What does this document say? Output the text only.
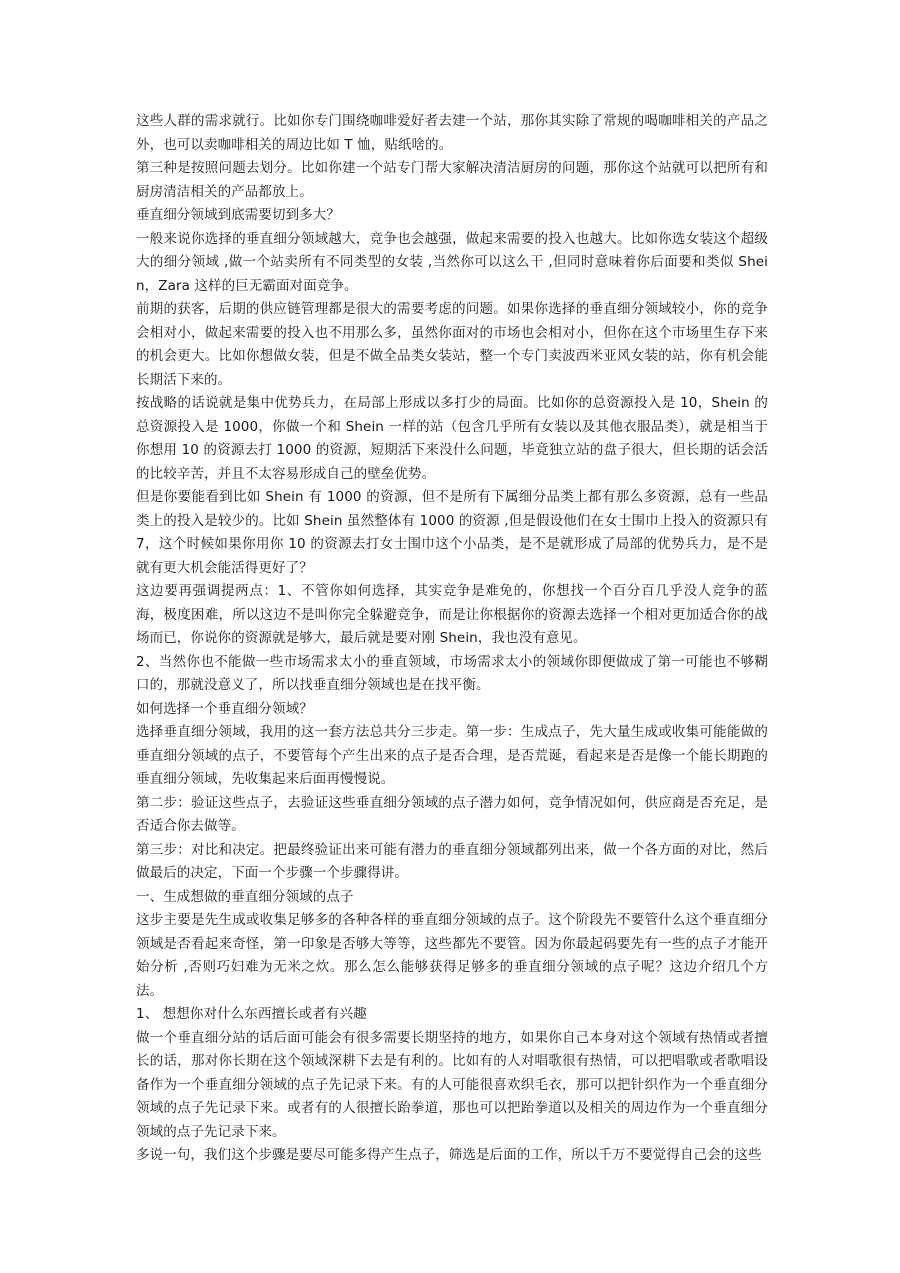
这些人群的需求就行。比如你专门围绕咖啡爱好者去建一个站，那你其实除了常规的喝咖啡相关的产品之外，也可以卖咖啡相关的周边比如 T 恤，贴纸啥的。

第三种是按照问题去划分。比如你建一个站专门帮大家解决清洁厨房的问题，那你这个站就可以把所有和厨房清洁相关的产品都放上。

垂直细分领域到底需要切到多大？

一般来说你选择的垂直细分领域越大，竞争也会越强，做起来需要的投入也越大。比如你选女装这个超级大的细分领域 ,做一个站卖所有不同类型的女装 ,当然你可以这么干 ,但同时意味着你后面要和类似 Shein，Zara 这样的巨无霸面对面竞争。

前期的获客，后期的供应链管理都是很大的需要考虑的问题。如果你选择的垂直细分领域较小，你的竞争会相对小，做起来需要的投入也不用那么多，虽然你面对的市场也会相对小，但你在这个市场里生存下来的机会更大。比如你想做女装，但是不做全品类女装站，整一个专门卖波西米亚风女装的站，你有机会能长期活下来的。

按战略的话说就是集中优势兵力，在局部上形成以多打少的局面。比如你的总资源投入是 10，Shein 的总资源投入是 1000，你做一个和 Shein 一样的站（包含几乎所有女装以及其他衣服品类），就是相当于你想用 10 的资源去打 1000 的资源，短期活下来没什么问题，毕竟独立站的盘子很大，但长期的话会活的比较辛苦，并且不太容易形成自己的壁垒优势。

但是你要能看到比如 Shein 有 1000 的资源，但不是所有下属细分品类上都有那么多资源，总有一些品类上的投入是较少的。比如 Shein 虽然整体有 1000 的资源 ,但是假设他们在女士围巾上投入的资源只有 7，这个时候如果你用你 10 的资源去打女士围巾这个小品类，是不是就形成了局部的优势兵力，是不是就有更大机会能活得更好了？

这边要再强调提两点：1、不管你如何选择，其实竞争是难免的，你想找一个百分百几乎没人竞争的蓝海，极度困难，所以这边不是叫你完全躲避竞争，而是让你根据你的资源去选择一个相对更加适合你的战场而已，你说你的资源就是够大，最后就是要对刚 Shein，我也没有意见。

2、当然你也不能做一些市场需求太小的垂直领域，市场需求太小的领域你即便做成了第一可能也不够糊口的，那就没意义了，所以找垂直细分领域也是在找平衡。

如何选择一个垂直细分领域？

选择垂直细分领域，我用的这一套方法总共分三步走。第一步：生成点子，先大量生成或收集可能能做的垂直细分领域的点子，不要管每个产生出来的点子是否合理，是否荒诞，看起来是否是像一个能长期跑的垂直细分领域，先收集起来后面再慢慢说。

第二步：验证这些点子，去验证这些垂直细分领域的点子潜力如何，竞争情况如何，供应商是否充足，是否适合你去做等。

第三步：对比和决定。把最终验证出来可能有潜力的垂直细分领域都列出来，做一个各方面的对比，然后做最后的决定，下面一个步骤一个步骤得讲。

一、生成想做的垂直细分领域的点子

这步主要是先生成或收集足够多的各种各样的垂直细分领域的点子。这个阶段先不要管什么这个垂直细分领域是否看起来奇怪，第一印象是否够大等等，这些都先不要管。因为你最起码要先有一些的点子才能开始分析 ,否则巧妇难为无米之炊。那么怎么能够获得足够多的垂直细分领域的点子呢？这边介绍几个方法。

1、 想想你对什么东西擅长或者有兴趣

做一个垂直细分站的话后面可能会有很多需要长期坚持的地方，如果你自己本身对这个领域有热情或者擅长的话，那对你长期在这个领域深耕下去是有利的。比如有的人对唱歌很有热情，可以把唱歌或者歌唱设备作为一个垂直细分领域的点子先记录下来。有的人可能很喜欢织毛衣，那可以把针织作为一个垂直细分领域的点子先记录下来。或者有的人很擅长跆拳道，那也可以把跆拳道以及相关的周边作为一个垂直细分领域的点子先记录下来。

多说一句，我们这个步骤是要尽可能多得产生点子，筛选是后面的工作，所以千万不要觉得自己会的这些
